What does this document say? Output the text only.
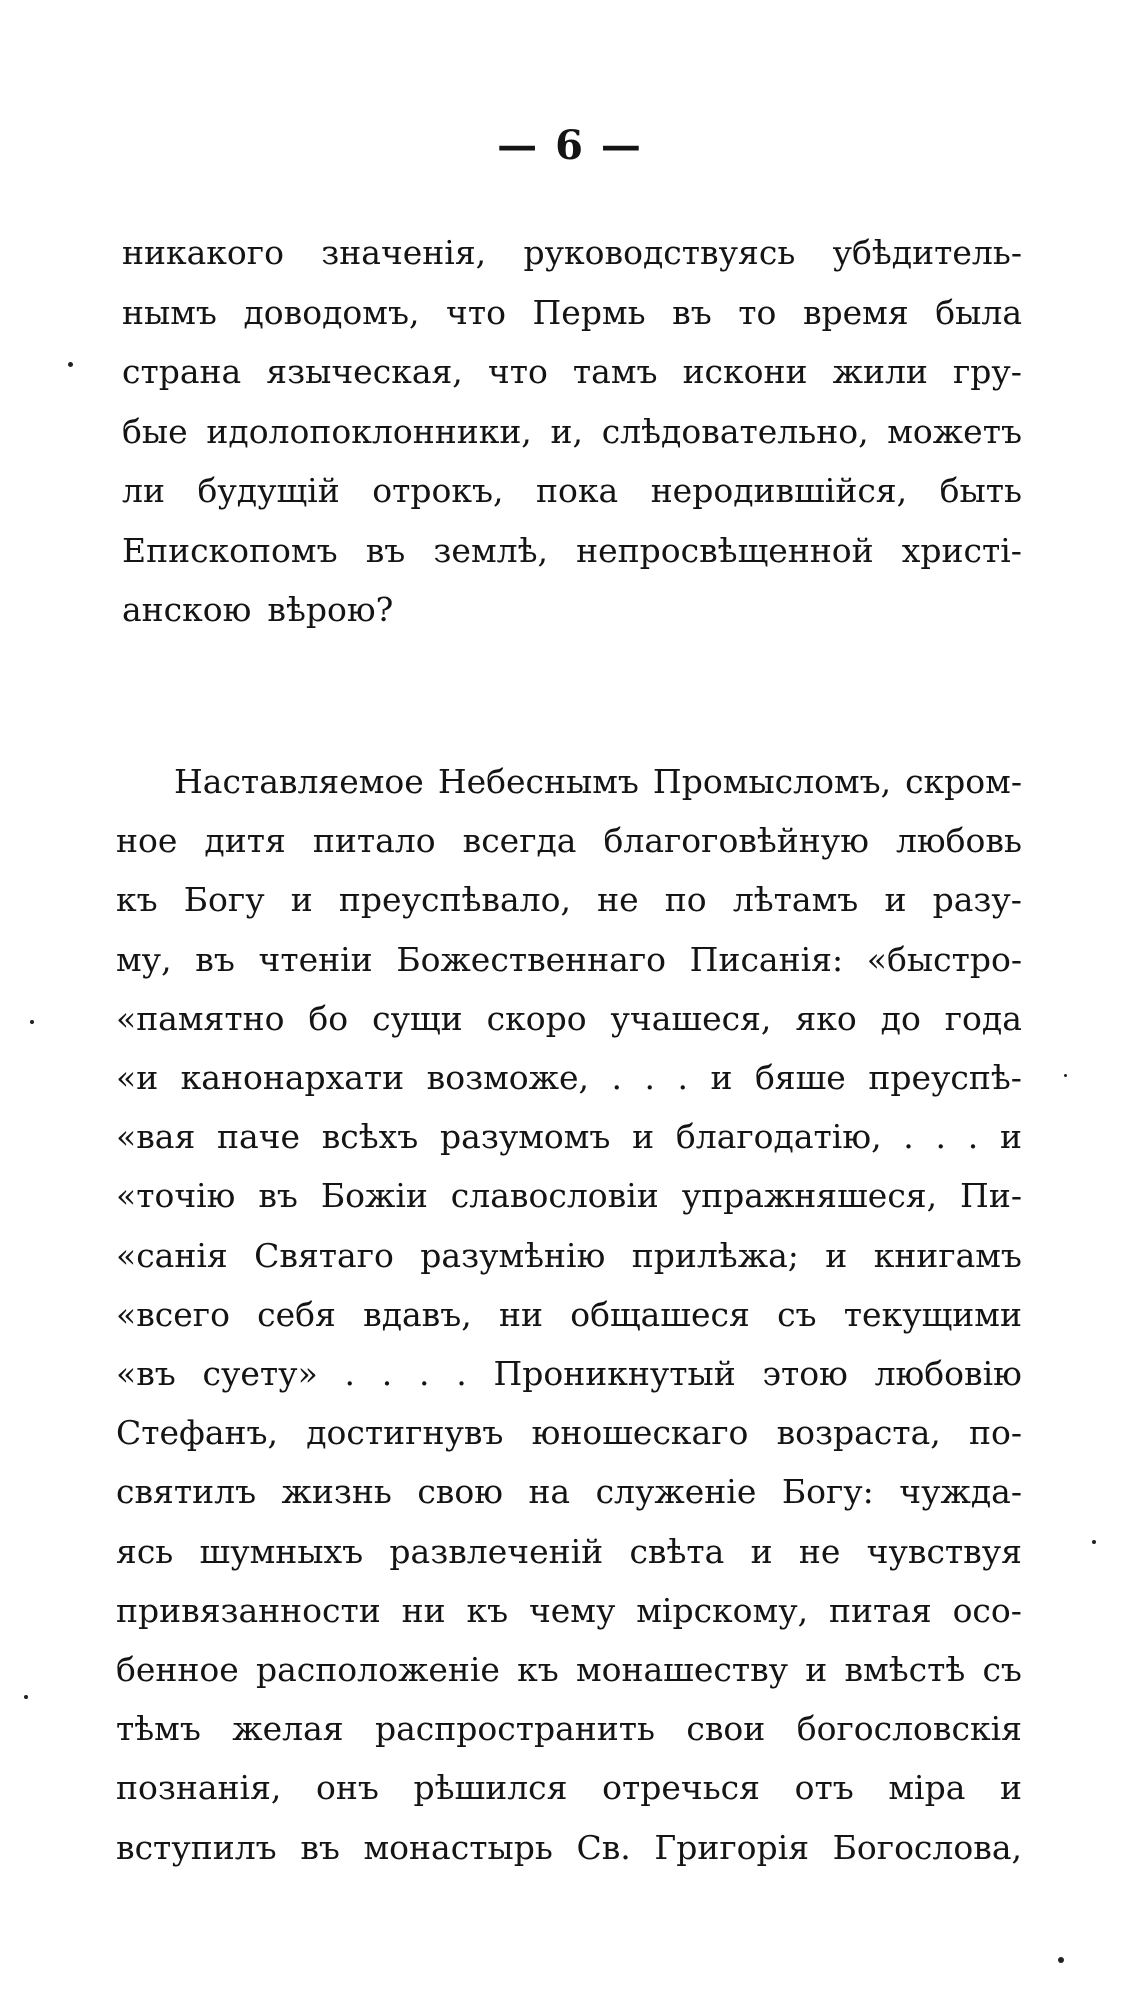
— 6 —
никакого значенія, руководствуясь убѣдитель-
нымъ доводомъ, что Пермь въ то время была
страна языческая, что тамъ искони жили гру-
быe идолопоклонники, и, слѣдовательно, можетъ
ли будущій отрокъ, пока неродившійся, быть
Епископомъ въ землѣ, непросвѣщенной христі-
анскою вѣрою?
Наставляемое Небеснымъ Промысломъ, скром-
ное дитя питало всегда благоговѣйную любовь
къ Богу и преуспѣвало, не по лѣтамъ и разу-
му, въ чтеніи Божественнаго Писанія: «быстро-
«памятно бо сущи скоро учашеся, яко до года
«и канонархати возможе, . . . и бяше преуспѣ-
«вая паче всѣхъ разумомъ и благодатію, . . . и
«точію въ Божіи славословіи упражняшеся, Пи-
«санія Святаго разумѣнію прилѣжа; и книгамъ
«всего себя вдавъ, ни общашеся съ текущими
«въ суету» . . . . Проникнутый этою любовію
Стефанъ, достигнувъ юношескаго возраста, по-
святилъ жизнь свою на служеніе Богу: чужда-
ясь шумныхъ развлеченій свѣта и не чувствуя
привязанности ни къ чему мірскому, питая осо-
бенное расположеніе къ монашеству и вмѣстѣ съ
тѣмъ желая распространить свои богословскія
познанія, онъ рѣшился отречься отъ міра и
вступилъ въ монастырь Св. Григорія Богослова,
